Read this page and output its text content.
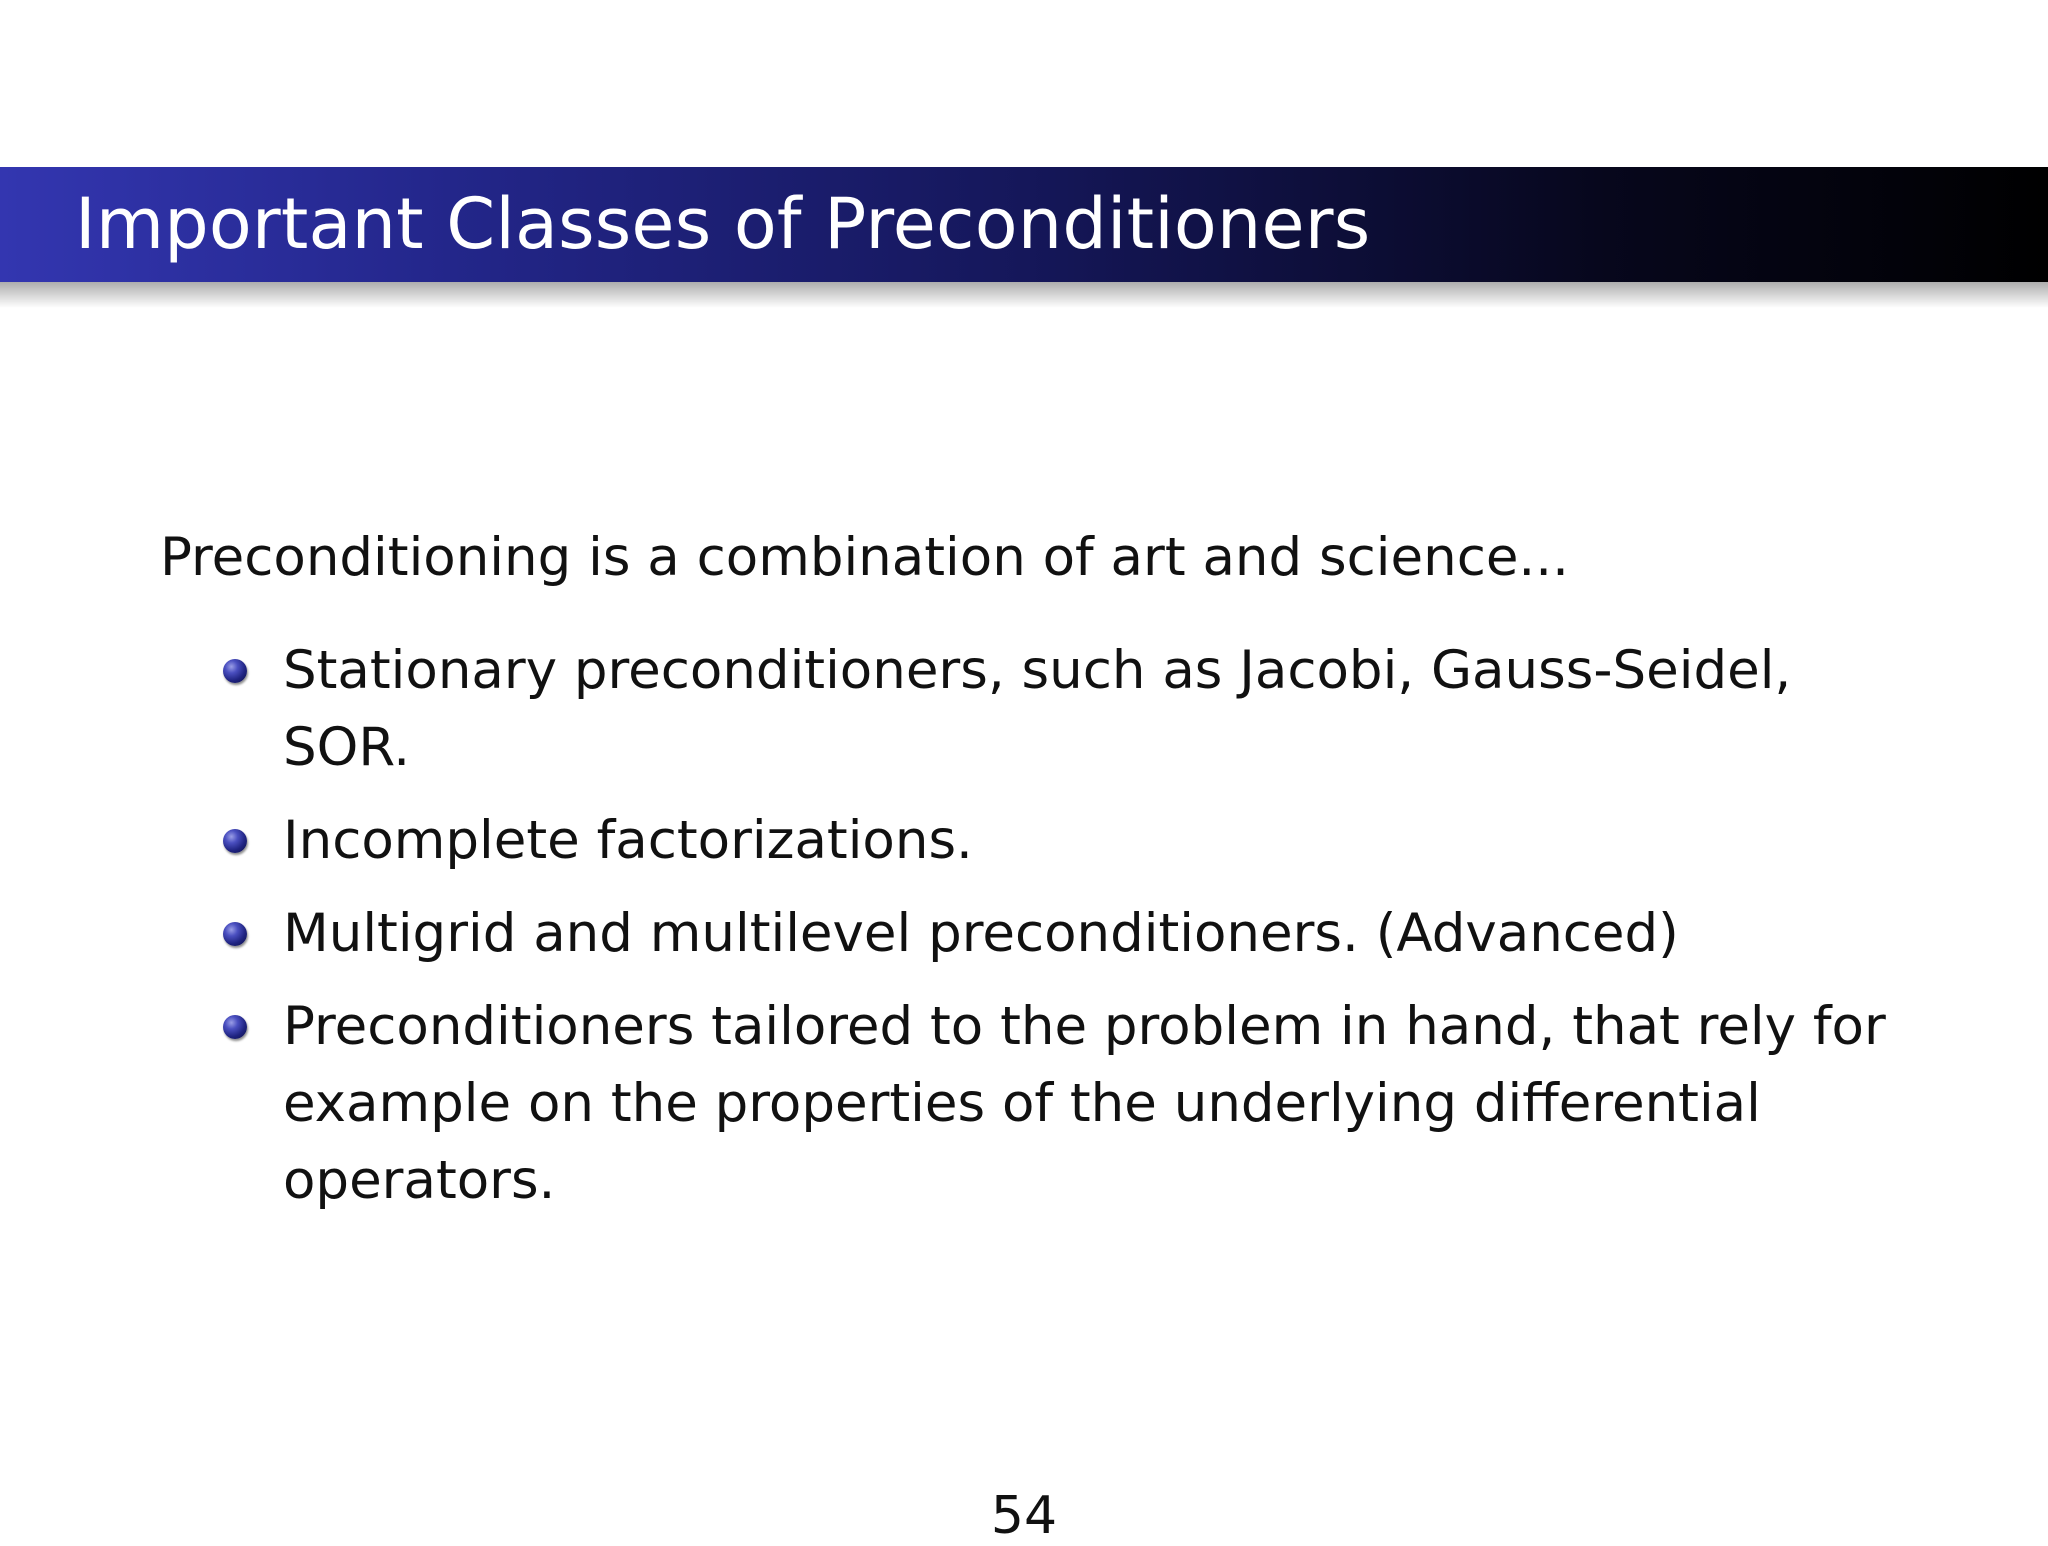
Important Classes of Preconditioners
Preconditioning is a combination of art and science...
Stationary preconditioners, such as Jacobi, Gauss-Seidel, SOR.
Incomplete factorizations.
Multigrid and multilevel preconditioners. (Advanced)
Preconditioners tailored to the problem in hand, that rely for example on the properties of the underlying differential operators.
54
